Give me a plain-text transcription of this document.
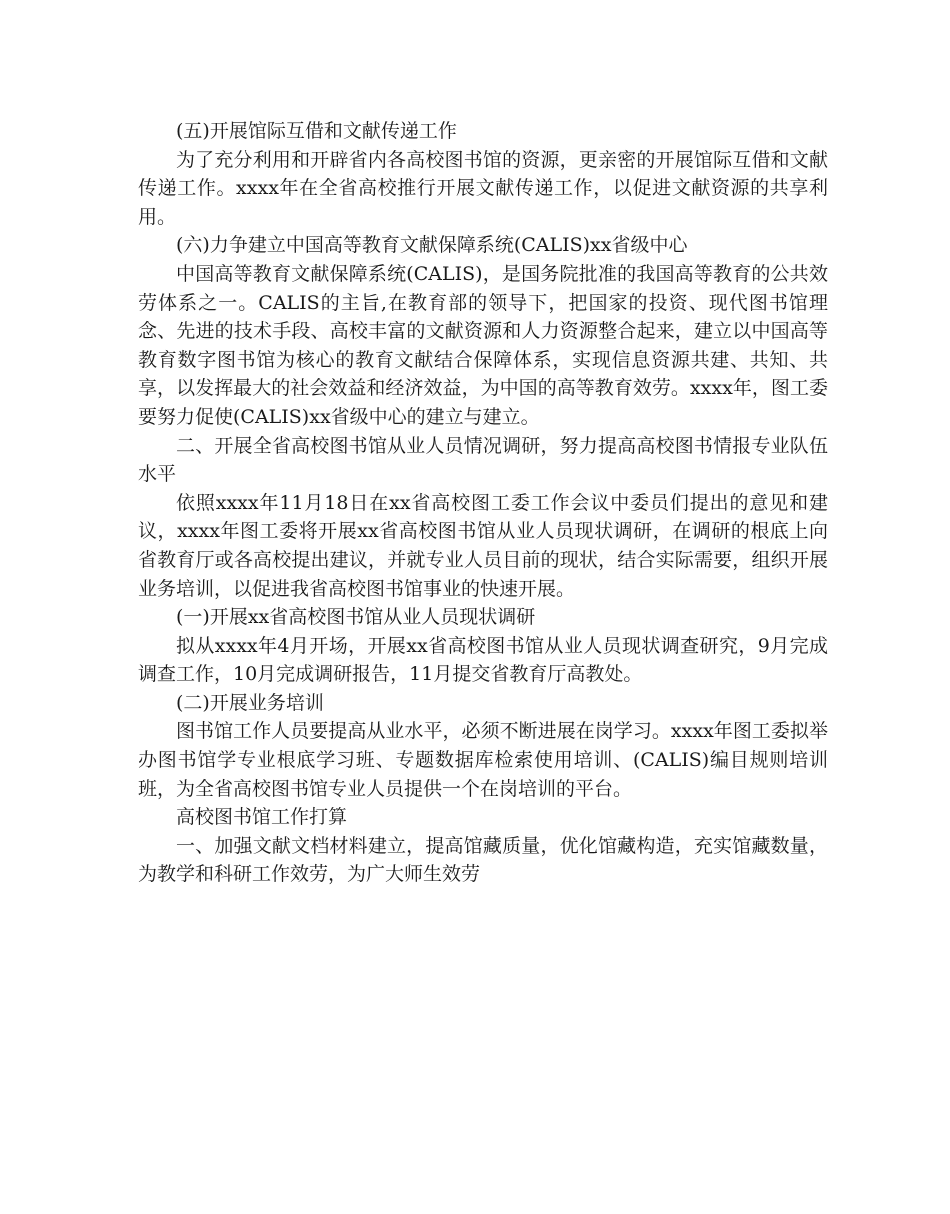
(五)开展馆际互借和文献传递工作

为了充分利用和开辟省内各高校图书馆的资源，更亲密的开展馆际互借和文献传递工作。xxxx年在全省高校推行开展文献传递工作，以促进文献资源的共享利用。

(六)力争建立中国高等教育文献保障系统(CALIS)xx省级中心

中国高等教育文献保障系统(CALIS)，是国务院批准的我国高等教育的公共效劳体系之一。CALIS的主旨,在教育部的领导下，把国家的投资、现代图书馆理念、先进的技术手段、高校丰富的文献资源和人力资源整合起来，建立以中国高等教育数字图书馆为核心的教育文献结合保障体系，实现信息资源共建、共知、共享，以发挥最大的社会效益和经济效益，为中国的高等教育效劳。xxxx年，图工委要努力促使(CALIS)xx省级中心的建立与建立。

二、开展全省高校图书馆从业人员情况调研，努力提高高校图书情报专业队伍水平

依照xxxx年11月18日在xx省高校图工委工作会议中委员们提出的意见和建议，xxxx年图工委将开展xx省高校图书馆从业人员现状调研，在调研的根底上向省教育厅或各高校提出建议，并就专业人员目前的现状，结合实际需要，组织开展业务培训，以促进我省高校图书馆事业的快速开展。

(一)开展xx省高校图书馆从业人员现状调研

拟从xxxx年4月开场，开展xx省高校图书馆从业人员现状调查研究，9月完成调查工作，10月完成调研报告，11月提交省教育厅高教处。

(二)开展业务培训

图书馆工作人员要提高从业水平，必须不断进展在岗学习。xxxx年图工委拟举办图书馆学专业根底学习班、专题数据库检索使用培训、(CALIS)编目规则培训班，为全省高校图书馆专业人员提供一个在岗培训的平台。

高校图书馆工作打算

一、加强文献文档材料建立，提高馆藏质量，优化馆藏构造，充实馆藏数量，为教学和科研工作效劳，为广大师生效劳
